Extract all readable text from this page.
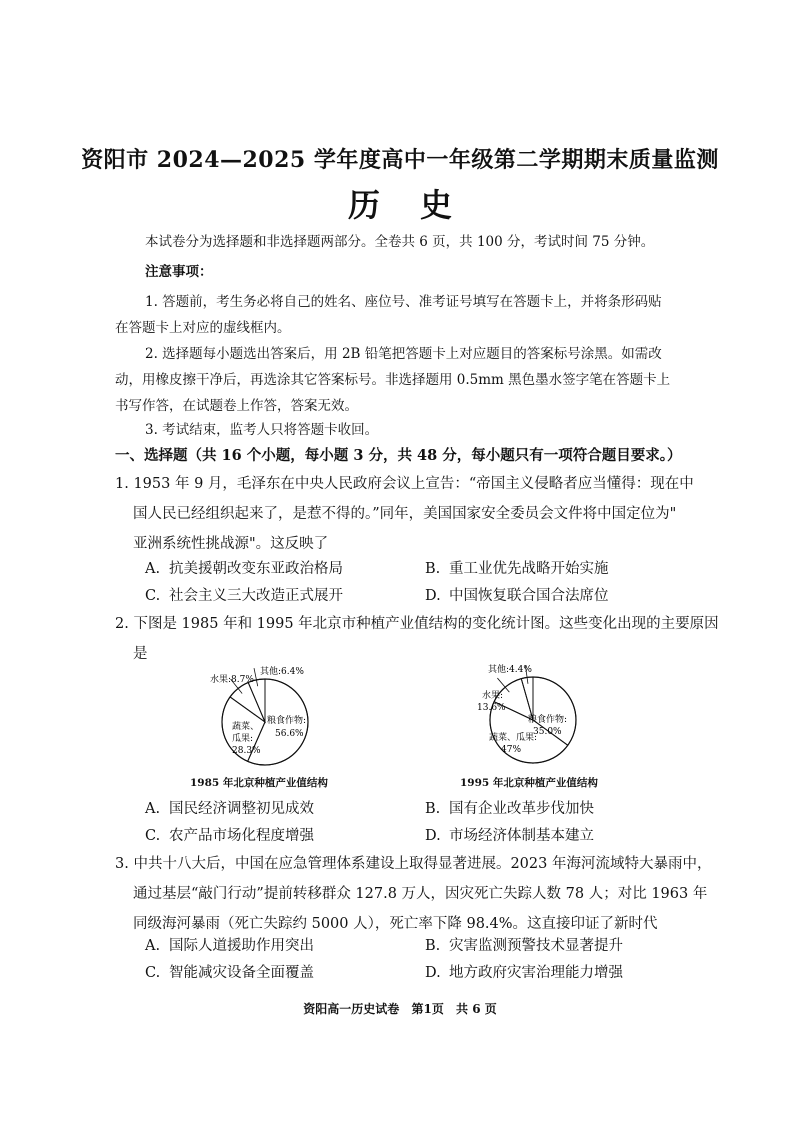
资阳市 2024—2025 学年度高中一年级第二学期期末质量监测
历史
本试卷分为选择题和非选择题两部分。全卷共 6 页，共 100 分，考试时间 75 分钟。
注意事项：
1. 答题前，考生务必将自己的姓名、座位号、准考证号填写在答题卡上，并将条形码贴
在答题卡上对应的虚线框内。
2. 选择题每小题选出答案后，用 2B 铅笔把答题卡上对应题目的答案标号涂黑。如需改
动，用橡皮擦干净后，再选涂其它答案标号。非选择题用 0.5mm 黑色墨水签字笔在答题卡上
书写作答，在试题卷上作答，答案无效。
3. 考试结束，监考人只将答题卡收回。
一、选择题（共 16 个小题，每小题 3 分，共 48 分，每小题只有一项符合题目要求。）
1. 1953 年 9 月，毛泽东在中央人民政府会议上宣告：“帝国主义侵略者应当懂得：现在中
国人民已经组织起来了，是惹不得的。”同年，美国国家安全委员会文件将中国定位为"
亚洲系统性挑战源"。这反映了
A. 抗美援朝改变东亚政治格局	B. 重工业优先战略开始实施
C. 社会主义三大改造正式展开	D. 中国恢复联合国合法席位
2. 下图是 1985 年和 1995 年北京市种植产业值结构的变化统计图。这些变化出现的主要原因
是
其他:6.4%
水果:8.7%
蔬菜、
瓜果:
28.3%
粮食作物:
56.6%
1985 年北京种植产业值结构
其他:4.4%
水果:
13.6%
粮食作物:
35.0%
蔬菜、瓜果:
47%
1995 年北京种植产业值结构
A. 国民经济调整初见成效	B. 国有企业改革步伐加快
C. 农产品市场化程度增强	D. 市场经济体制基本建立
3. 中共十八大后，中国在应急管理体系建设上取得显著进展。2023 年海河流域特大暴雨中，
通过基层“敲门行动”提前转移群众 127.8 万人，因灾死亡失踪人数 78 人；对比 1963 年
同级海河暴雨（死亡失踪约 5000 人），死亡率下降 98.4%。这直接印证了新时代
A. 国际人道援助作用突出	B. 灾害监测预警技术显著提升
C. 智能减灾设备全面覆盖	D. 地方政府灾害治理能力增强
资阳高一历史试卷 第1页 共 6 页
